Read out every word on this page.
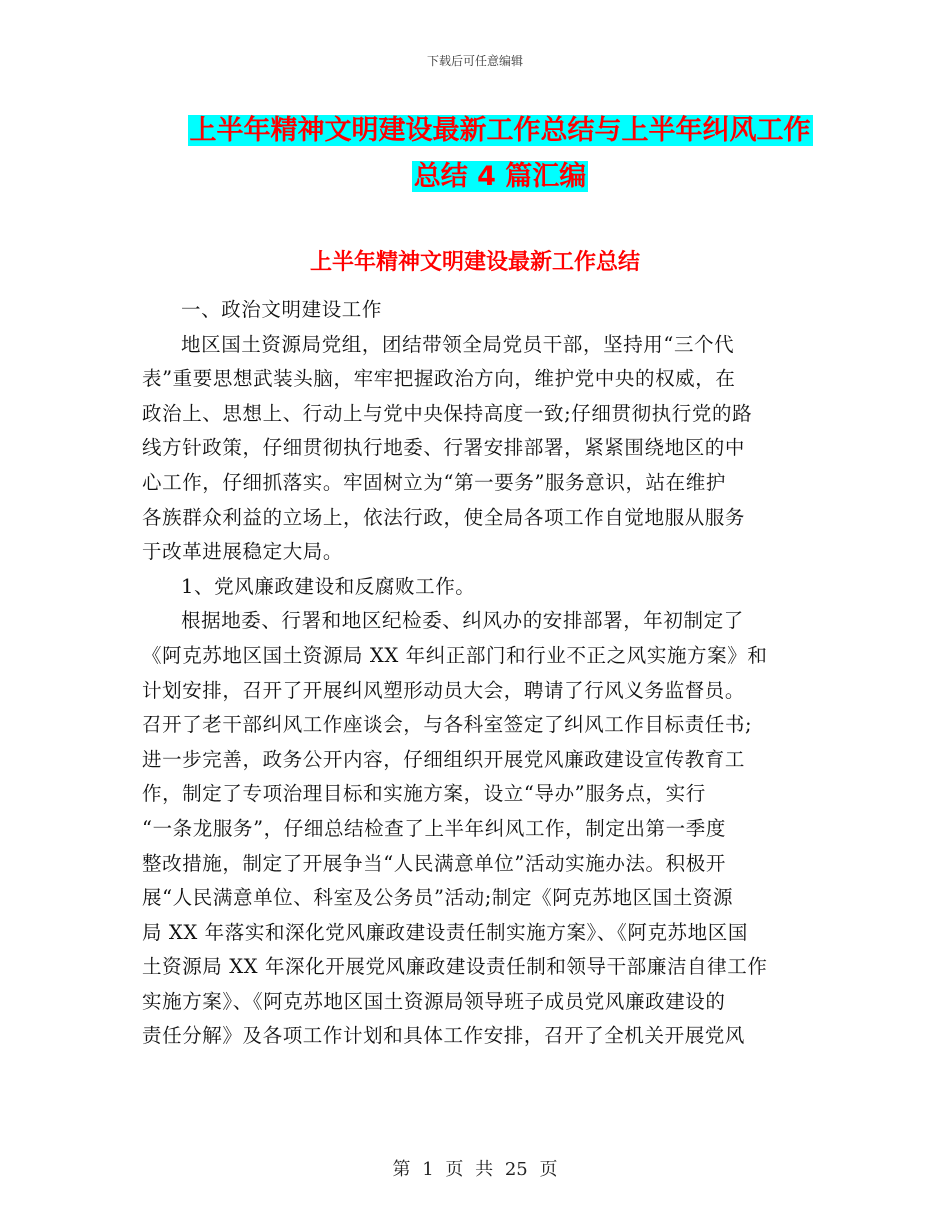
下载后可任意编辑
上半年精神文明建设最新工作总结与上半年纠风工作
总结 4 篇汇编
上半年精神文明建设最新工作总结

一、政治文明建设工作

地区国土资源局党组，团结带领全局党员干部，坚持用“三个代

表”重要思想武装头脑，牢牢把握政治方向，维护党中央的权威，在

政治上、思想上、行动上与党中央保持高度一致;仔细贯彻执行党的路

线方针政策，仔细贯彻执行地委、行署安排部署，紧紧围绕地区的中

心工作，仔细抓落实。牢固树立为“第一要务”服务意识，站在维护

各族群众利益的立场上，依法行政，使全局各项工作自觉地服从服务

于改革进展稳定大局。

1、党风廉政建设和反腐败工作。

根据地委、行署和地区纪检委、纠风办的安排部署，年初制定了

《阿克苏地区国土资源局 XX 年纠正部门和行业不正之风实施方案》和

计划安排，召开了开展纠风塑形动员大会，聘请了行风义务监督员。

召开了老干部纠风工作座谈会，与各科室签定了纠风工作目标责任书;

进一步完善，政务公开内容，仔细组织开展党风廉政建设宣传教育工

作，制定了专项治理目标和实施方案，设立“导办”服务点，实行

“一条龙服务”，仔细总结检查了上半年纠风工作，制定出第一季度

整改措施，制定了开展争当“人民满意单位”活动实施办法。积极开

展“人民满意单位、科室及公务员”活动;制定《阿克苏地区国土资源

局 XX 年落实和深化党风廉政建设责任制实施方案》、《阿克苏地区国

土资源局 XX 年深化开展党风廉政建设责任制和领导干部廉洁自律工作

实施方案》、《阿克苏地区国土资源局领导班子成员党风廉政建设的

责任分解》及各项工作计划和具体工作安排，召开了全机关开展党风

第 1 页 共 25 页
